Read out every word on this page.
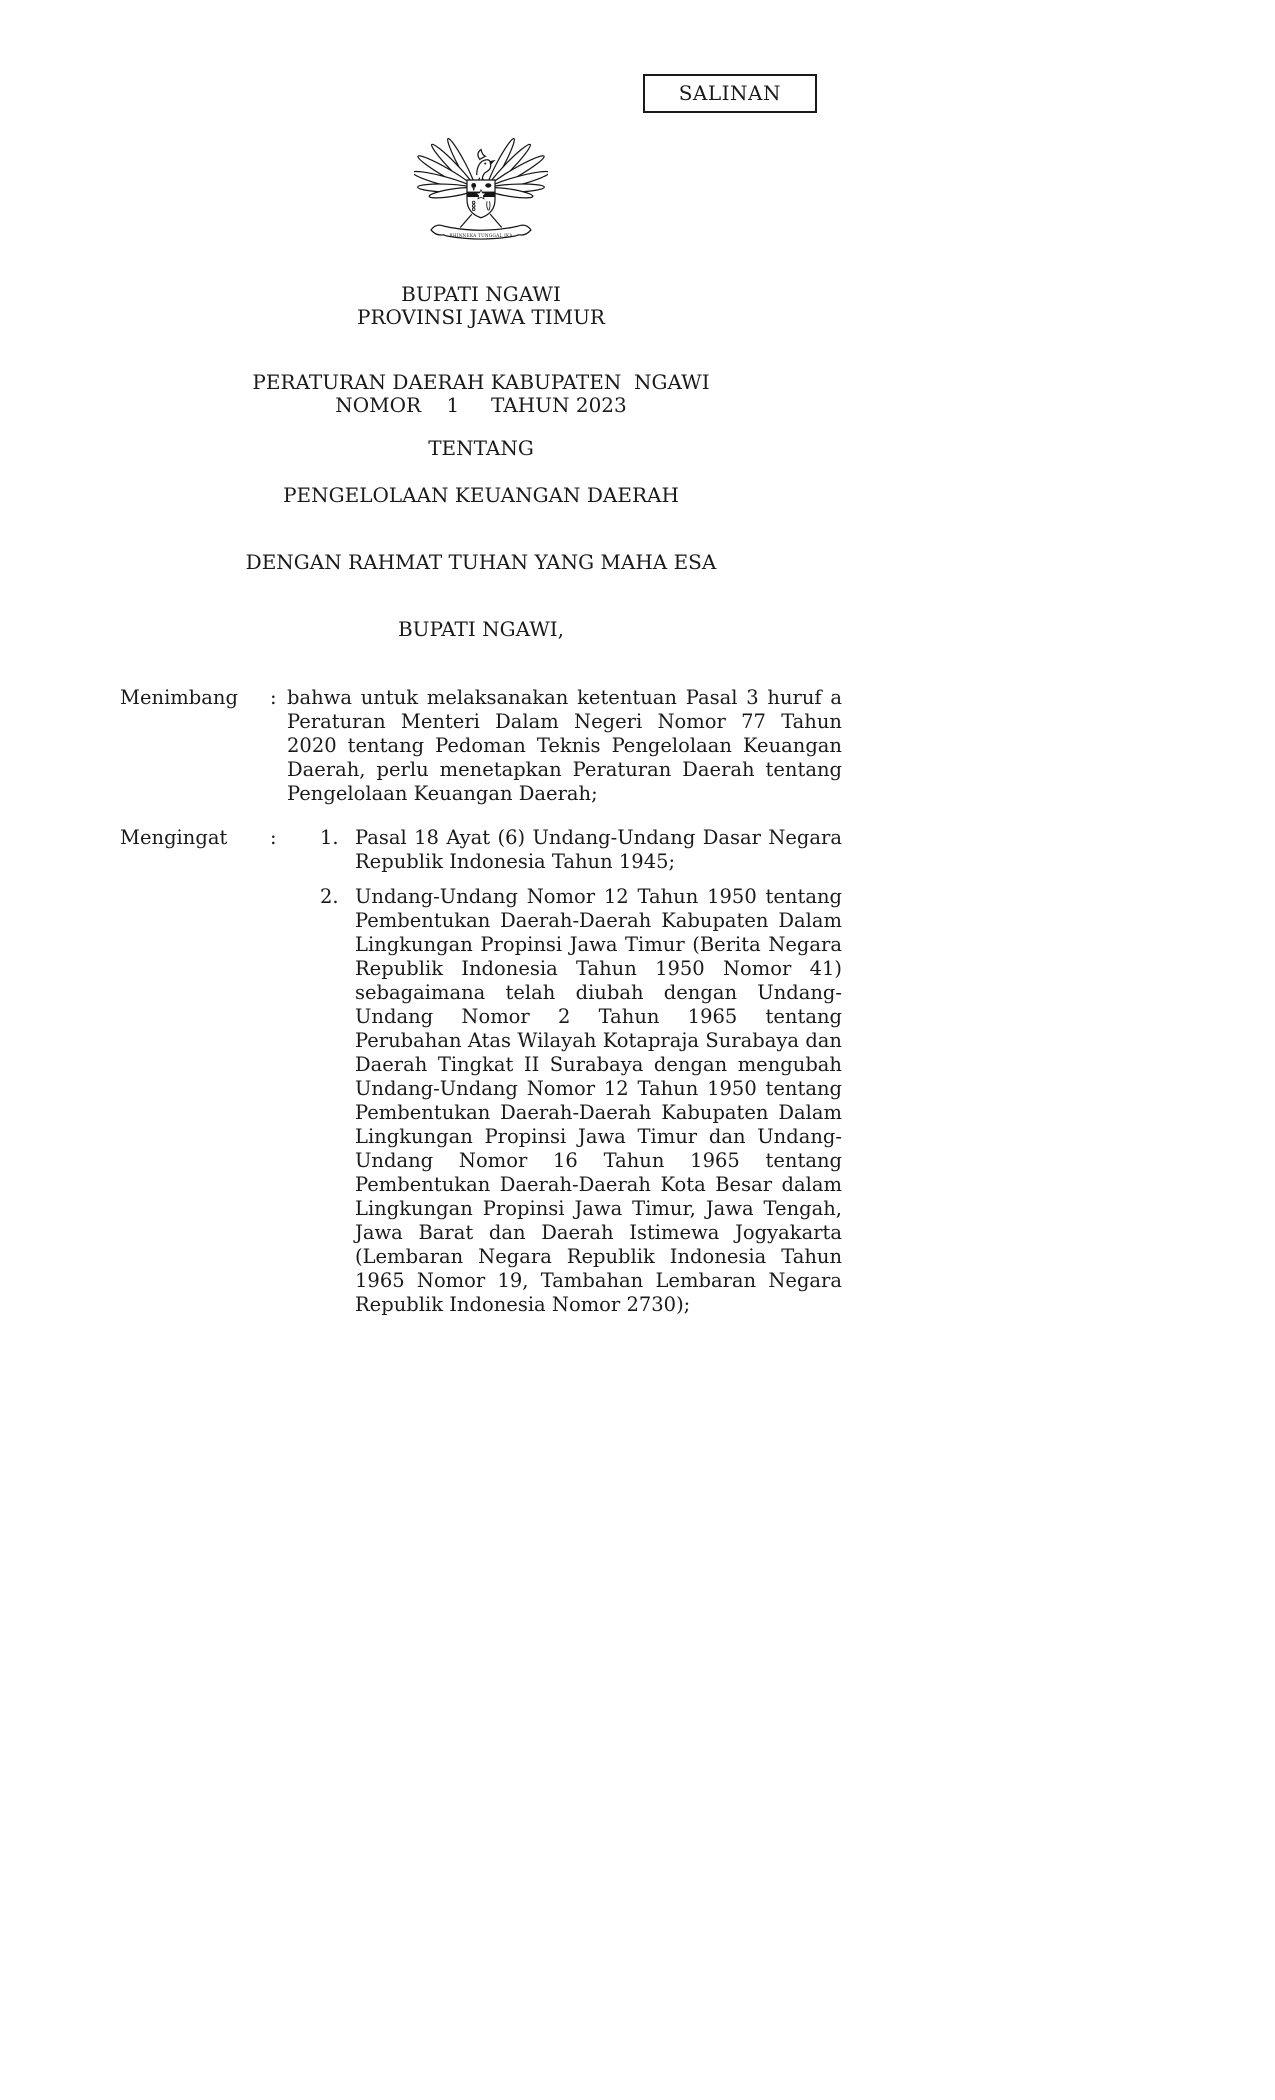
SALINAN
BHINNEKA TUNGGAL IKA
BUPATI NGAWI
PROVINSI JAWA TIMUR
PERATURAN DAERAH KABUPATEN  NGAWI
NOMOR    1     TAHUN 2023
TENTANG
PENGELOLAAN KEUANGAN DAERAH
DENGAN RAHMAT TUHAN YANG MAHA ESA
BUPATI NGAWI,
Menimbang	: bahwa untuk melaksanakan ketentuan Pasal 3 huruf a Peraturan Menteri Dalam Negeri Nomor 77 Tahun 2020 tentang Pedoman Teknis Pengelolaan Keuangan Daerah, perlu menetapkan Peraturan Daerah tentang Pengelolaan Keuangan Daerah;
Mengingat	:	1. Pasal 18 Ayat (6) Undang-Undang Dasar Negara Republik Indonesia Tahun 1945;
2. Undang-Undang Nomor 12 Tahun 1950 tentang Pembentukan Daerah-Daerah Kabupaten Dalam Lingkungan Propinsi Jawa Timur (Berita Negara Republik Indonesia Tahun 1950 Nomor 41) sebagaimana telah diubah dengan Undang-Undang Nomor 2 Tahun 1965 tentang Perubahan Atas Wilayah Kotapraja Surabaya dan Daerah Tingkat II Surabaya dengan mengubah Undang-Undang Nomor 12 Tahun 1950 tentang Pembentukan Daerah-Daerah Kabupaten Dalam Lingkungan Propinsi Jawa Timur dan Undang-Undang Nomor 16 Tahun 1965 tentang Pembentukan Daerah-Daerah Kota Besar dalam Lingkungan Propinsi Jawa Timur, Jawa Tengah, Jawa Barat dan Daerah Istimewa Jogyakarta (Lembaran Negara Republik Indonesia Tahun 1965 Nomor 19, Tambahan Lembaran Negara Republik Indonesia Nomor 2730);
